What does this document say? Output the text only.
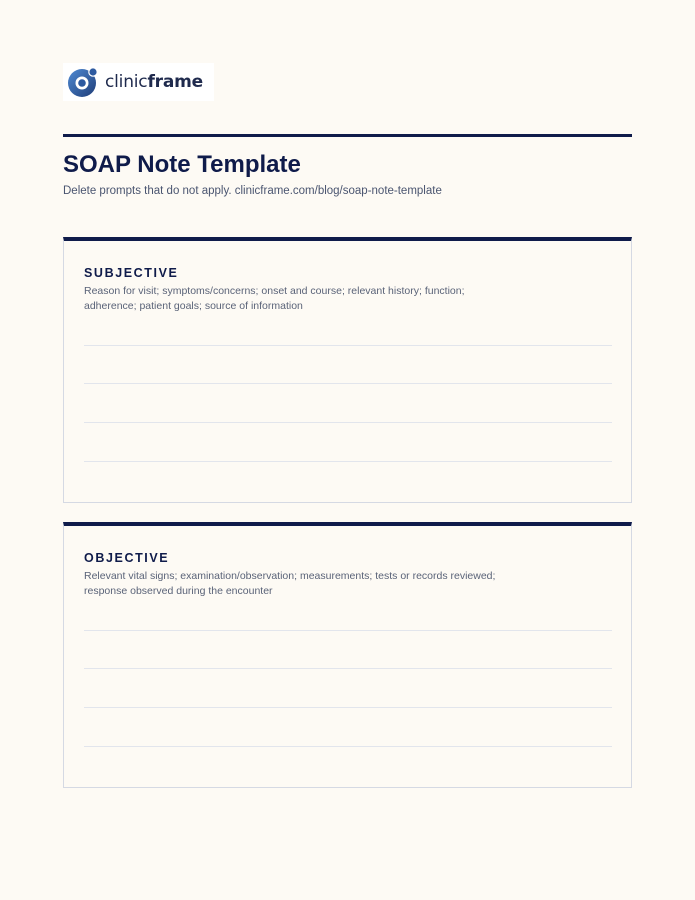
clinicframe
SOAP Note Template
Delete prompts that do not apply. clinicframe.com/blog/soap-note-template
SUBJECTIVE
Reason for visit; symptoms/concerns; onset and course; relevant history; function; adherence; patient goals; source of information
OBJECTIVE
Relevant vital signs; examination/observation; measurements; tests or records reviewed; response observed during the encounter
